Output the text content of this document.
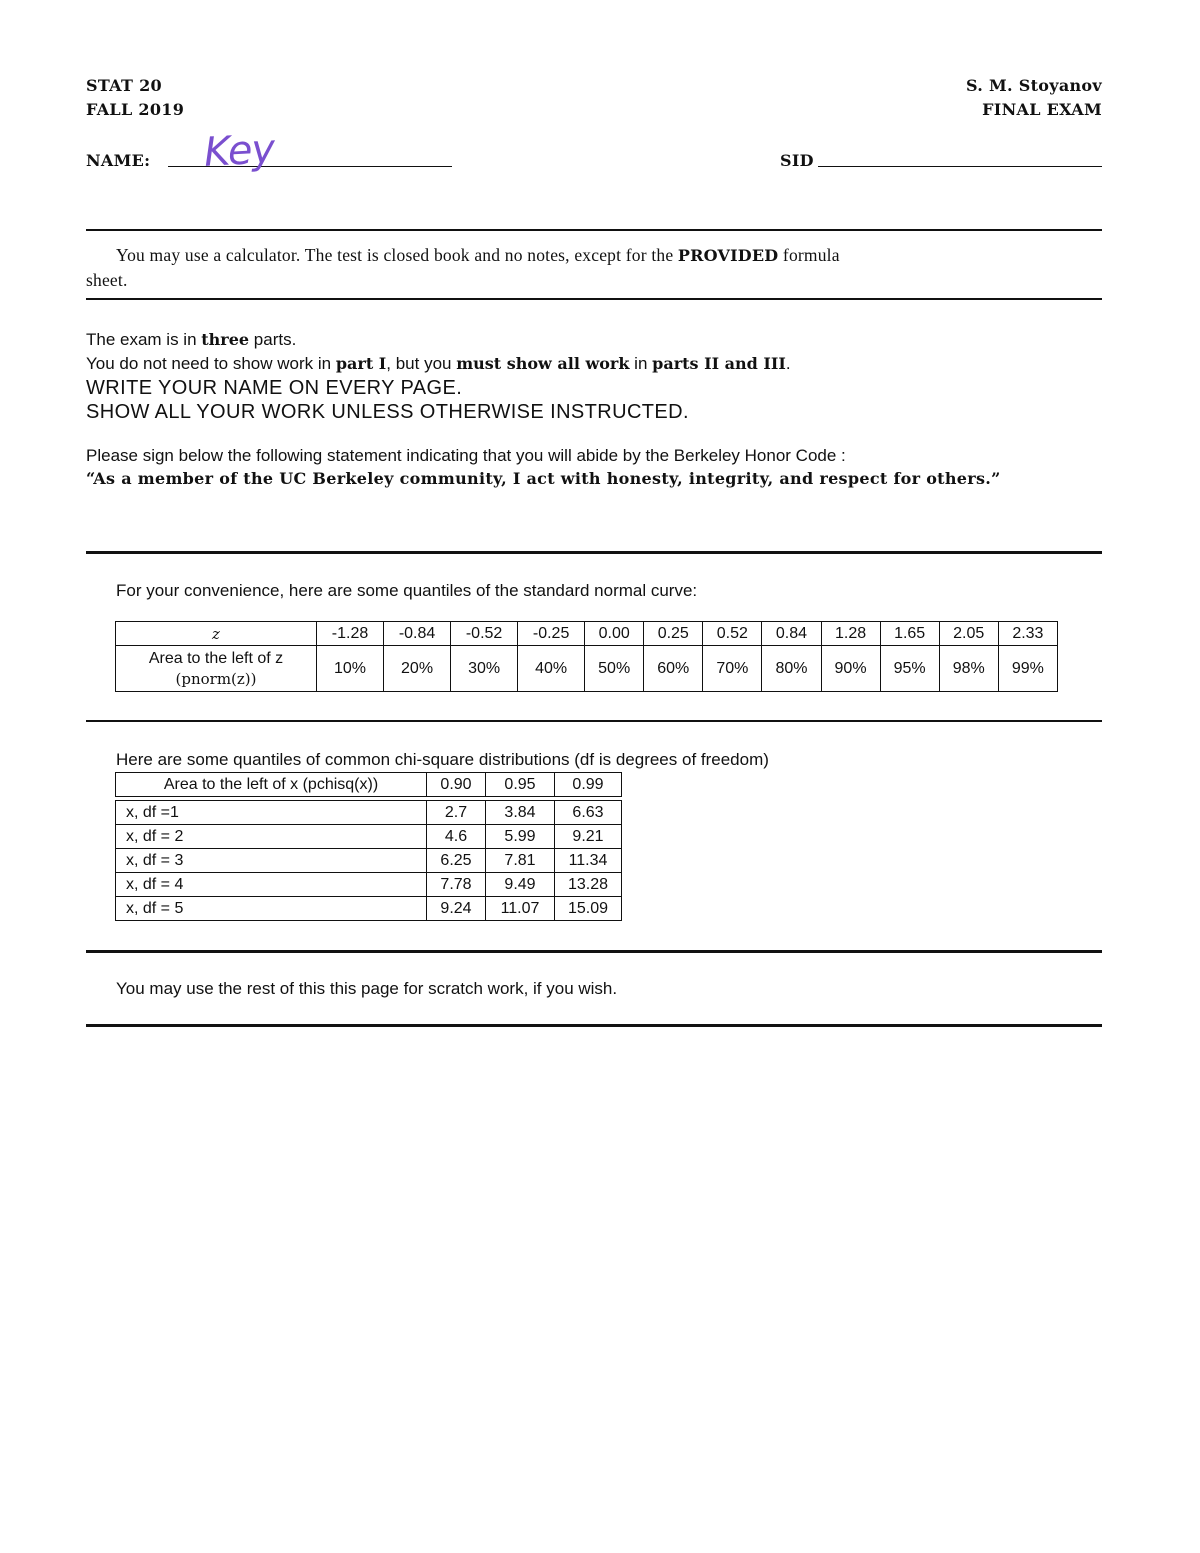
STAT 20
FALL 2019
S. M. Stoyanov
FINAL EXAM
NAME: Key	SID
You may use a calculator. The test is closed book and no notes, except for the PROVIDED formula
sheet.
The exam is in three parts.
You do not need to show work in part I, but you must show all work in parts II and III.
WRITE YOUR NAME ON EVERY PAGE.
SHOW ALL YOUR WORK UNLESS OTHERWISE INSTRUCTED.
Please sign below the following statement indicating that you will abide by the Berkeley Honor Code :
“As a member of the UC Berkeley community, I act with honesty, integrity, and respect for others.”
For your convenience, here are some quantiles of the standard normal curve:
z	-1.28	-0.84	-0.52	-0.25	0.00	0.25	0.52	0.84	1.28	1.65	2.05	2.33

Area to the left of z
(pnorm(z))	10%	20%	30%	40%	50%	60%	70%	80%	90%	95%	98%	99%
Here are some quantiles of common chi-square distributions (df is degrees of freedom)
Area to the left of x (pchisq(x))	0.90	0.95	0.99

x, df =1	2.7	3.84	6.63
x, df = 2	4.6	5.99	9.21
x, df = 3	6.25	7.81	11.34
x, df = 4	7.78	9.49	13.28
x, df = 5	9.24	11.07	15.09
You may use the rest of this this page for scratch work, if you wish.
